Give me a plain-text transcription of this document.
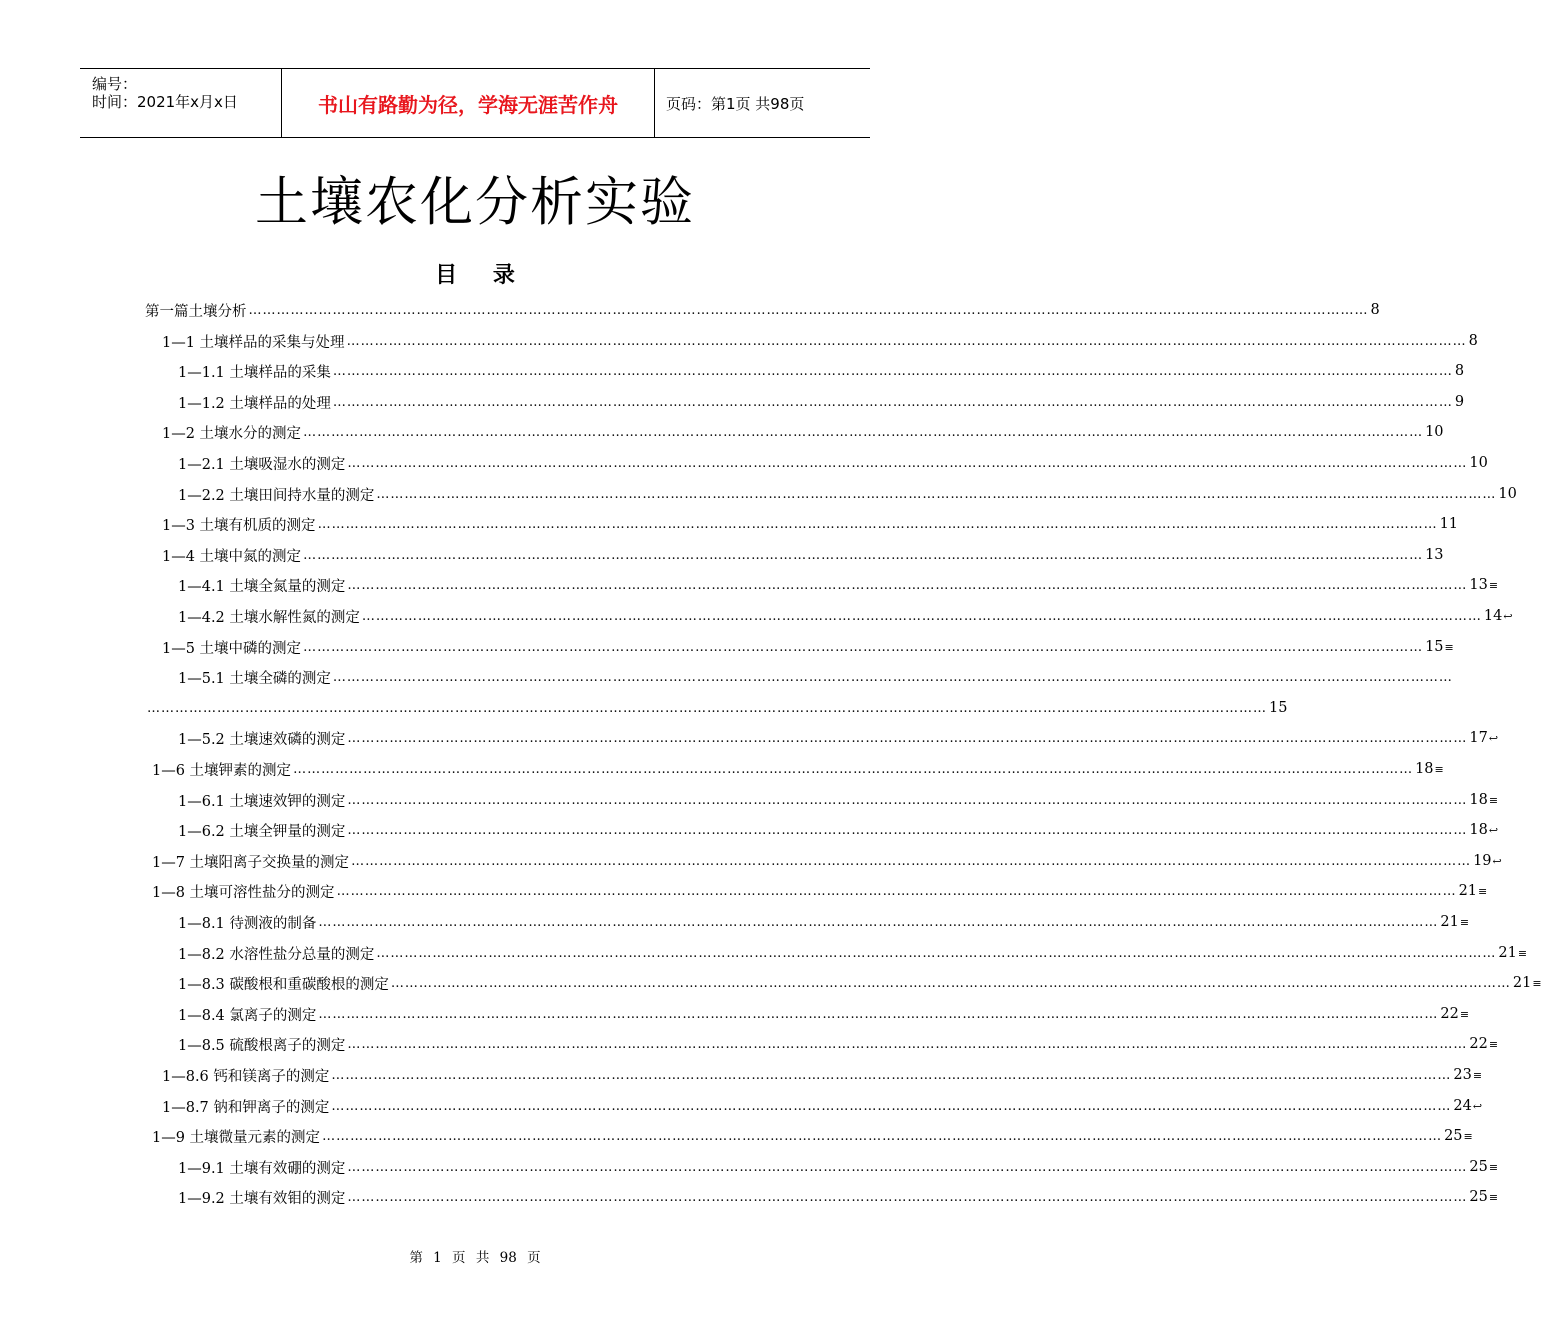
编号：
时间：2021年x月x日	书山有路勤为径，学海无涯苦作舟	页码：第1页 共98页
土壤农化分析实验
目 录
第一篇土壤分析 …………………………………………………………………………………………………………………………………………………………………………………………………………………… 8
1—1 土壤样品的采集与处理 …………………………………………………………………………………………………………………………………………………………………………………………………………………… 8
1—1.1 土壤样品的采集 …………………………………………………………………………………………………………………………………………………………………………………………………………………… 8
1—1.2 土壤样品的处理 …………………………………………………………………………………………………………………………………………………………………………………………………………………… 9
1—2 土壤水分的测定 …………………………………………………………………………………………………………………………………………………………………………………………………………………… 10
1—2.1 土壤吸湿水的测定 …………………………………………………………………………………………………………………………………………………………………………………………………………………… 10
1—2.2 土壤田间持水量的测定 …………………………………………………………………………………………………………………………………………………………………………………………………………………… 10
1—3 土壤有机质的测定 …………………………………………………………………………………………………………………………………………………………………………………………………………………… 11
1—4 土壤中氮的测定 …………………………………………………………………………………………………………………………………………………………………………………………………………………… 13
1—4.1 土壤全氮量的测定 …………………………………………………………………………………………………………………………………………………………………………………………………………………… 13 ≡
1—4.2 土壤水解性氮的测定 …………………………………………………………………………………………………………………………………………………………………………………………………………………… 14 ↩
1—5 土壤中磷的测定 …………………………………………………………………………………………………………………………………………………………………………………………………………………… 15 ≡
1—5.1 土壤全磷的测定 ……………………………………………………………………………………………………………………………………………………………………………………………………………………
…………………………………………………………………………………………………………………………………………………………………………………………………………………… 15
1—5.2 土壤速效磷的测定 …………………………………………………………………………………………………………………………………………………………………………………………………………………… 17 ↩
1—6 土壤钾素的测定 …………………………………………………………………………………………………………………………………………………………………………………………………………………… 18 ≡
1—6.1 土壤速效钾的测定 …………………………………………………………………………………………………………………………………………………………………………………………………………………… 18 ≡
1—6.2 土壤全钾量的测定 …………………………………………………………………………………………………………………………………………………………………………………………………………………… 18 ↩
1—7 土壤阳离子交换量的测定 …………………………………………………………………………………………………………………………………………………………………………………………………………………… 19 ↩
1—8 土壤可溶性盐分的测定 …………………………………………………………………………………………………………………………………………………………………………………………………………………… 21 ≡
1—8.1 待测液的制备 …………………………………………………………………………………………………………………………………………………………………………………………………………………… 21 ≡
1—8.2 水溶性盐分总量的测定 …………………………………………………………………………………………………………………………………………………………………………………………………………………… 21 ≡
1—8.3 碳酸根和重碳酸根的测定 …………………………………………………………………………………………………………………………………………………………………………………………………………………… 21 ≡
1—8.4 氯离子的测定 …………………………………………………………………………………………………………………………………………………………………………………………………………………… 22 ≡
1—8.5 硫酸根离子的测定 …………………………………………………………………………………………………………………………………………………………………………………………………………………… 22 ≡
1—8.6 钙和镁离子的测定 …………………………………………………………………………………………………………………………………………………………………………………………………………………… 23 ≡
1—8.7 钠和钾离子的测定 …………………………………………………………………………………………………………………………………………………………………………………………………………………… 24 ↩
1—9 土壤微量元素的测定 …………………………………………………………………………………………………………………………………………………………………………………………………………………… 25 ≡
1—9.1 土壤有效硼的测定 …………………………………………………………………………………………………………………………………………………………………………………………………………………… 25 ≡
1—9.2 土壤有效钼的测定 …………………………………………………………………………………………………………………………………………………………………………………………………………………… 25 ≡
第 1 页 共 98 页
